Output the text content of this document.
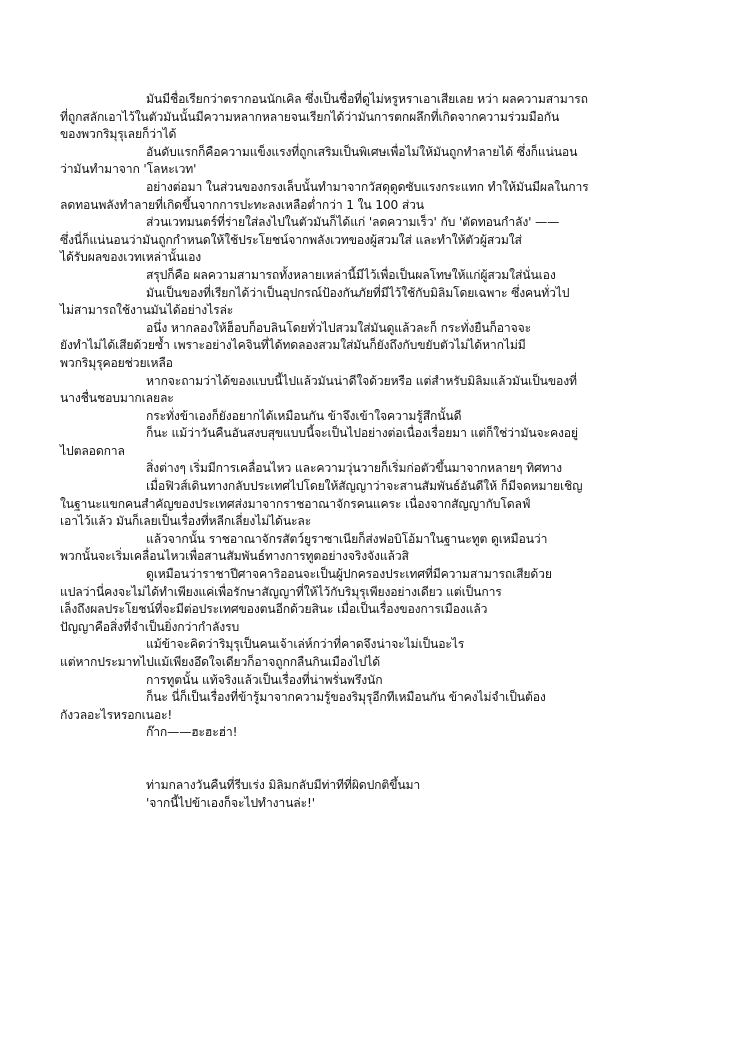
มันมีชื่อเรียกว่าตรากอนนักเคิล ซึ่งเป็นชื่อที่ดูไม่หรูหราเอาเสียเลย หว่า ผลความสามารถ
ที่ถูกสลักเอาไว้ในตัวมันนั้นมีความหลากหลายจนเรียกได้ว่ามันการตกผลึกที่เกิดจากความร่วมมือกัน
ของพวกริมุรุเลยก็ว่าได้

อันดับแรกก็คือความแข็งแรงที่ถูกเสริมเป็นพิเศษเพื่อไม่ให้มันถูกทำลายได้ ซึ่งก็แน่นอน
ว่ามันทำมาจาก 'โลหะเวท'

อย่างต่อมา ในส่วนของกรงเล็บนั้นทำมาจากวัสดุดูดซับแรงกระแทก ทำให้มันมีผลในการ
ลดทอนพลังทำลายที่เกิดขึ้นจากการปะทะลงเหลือต่ำกว่า 1 ใน 100 ส่วน

ส่วนเวทมนตร์ที่ร่ายใส่ลงไปในตัวมันก็ได้แก่ 'ลดความเร็ว' กับ 'ตัดทอนกำลัง' ——
ซึ่งนี่ก็แน่นอนว่ามันถูกกำหนดให้ใช้ประโยชน์จากพลังเวทของผู้สวมใส่ และทำให้ตัวผู้สวมใส่
ได้รับผลของเวทเหล่านั้นเอง

สรุปก็คือ ผลความสามารถทั้งหลายเหล่านี้มีไว้เพื่อเป็นผลโทษให้แก่ผู้สวมใส่นั่นเอง

มันเป็นของที่เรียกได้ว่าเป็นอุปกรณ์ป้องกันภัยที่มีไว้ใช้กับมิลิมโดยเฉพาะ ซึ่งคนทั่วไป
ไม่สามารถใช้งานมันได้อย่างไรล่ะ

อนึ่ง หากลองให้ฮ็อบก็อบลินโดยทั่วไปสวมใส่มันดูแล้วละก็ กระทั่งยืนก็อาจจะ
ยังทำไม่ได้เสียด้วยซ้ำ เพราะอย่างไคจินที่ได้ทดลองสวมใส่มันก็ยังถึงกับขยับตัวไม่ได้หากไม่มี
พวกริมุรุคอยช่วยเหลือ

หากจะถามว่าได้ของแบบนี้ไปแล้วมันน่าดีใจด้วยหรือ แต่สำหรับมิลิมแล้วมันเป็นของที่
นางชื่นชอบมากเลยละ

กระทั่งข้าเองก็ยังอยากได้เหมือนกัน ข้าจึงเข้าใจความรู้สึกนั้นดี

ก็นะ แม้ว่าวันคืนอันสงบสุขแบบนี้จะเป็นไปอย่างต่อเนื่องเรื่อยมา แต่ก็ใช่ว่ามันจะคงอยู่
ไปตลอดกาล

สิ่งต่างๆ เริ่มมีการเคลื่อนไหว และความวุ่นวายก็เริ่มก่อตัวขึ้นมาจากหลายๆ ทิศทาง

เมื่อฟิวส์เดินทางกลับประเทศไปโดยให้สัญญาว่าจะสานสัมพันธ์อันดีให้ ก็มีจดหมายเชิญ
ในฐานะแขกคนสำคัญของประเทศส่งมาจากราชอาณาจักรคนแคระ เนื่องจากสัญญากับโดลฟ์
เอาไว้แล้ว มันก็เลยเป็นเรื่องที่หลีกเลี่ยงไม่ได้นะละ

แล้วจากนั้น ราชอาณาจักรสัตว์ยูราซาเนียก็ส่งฟอบิโอ้มาในฐานะทูต ดูเหมือนว่า
พวกนั้นจะเริ่มเคลื่อนไหวเพื่อสานสัมพันธ์ทางการทูตอย่างจริงจังแล้วสิ

ดูเหมือนว่าราชาปีศาจคาริออนจะเป็นผู้ปกครองประเทศที่มีความสามารถเสียด้วย
แปลว่านี่คงจะไม่ได้ทำเพียงแค่เพื่อรักษาสัญญาที่ให้ไว้กับริมุรุเพียงอย่างเดียว แต่เป็นการ
เล็งถึงผลประโยชน์ที่จะมีต่อประเทศของตนอีกด้วยสินะ เมื่อเป็นเรื่องของการเมืองแล้ว
ปัญญาคือสิ่งที่จำเป็นยิ่งกว่ากำลังรบ

แม้ข้าจะคิดว่าริมุรุเป็นคนเจ้าเล่ห์กว่าที่คาดจึงน่าจะไม่เป็นอะไร
แต่หากประมาทไปแม้เพียงอึดใจเดียวก็อาจถูกกลืนกินเมืองไปได้

การทูตนั้น แท้จริงแล้วเป็นเรื่องที่น่าพรั่นพรึงนัก

ก็นะ นี่ก็เป็นเรื่องที่ข้ารู้มาจากความรู้ของริมุรุอีกทีเหมือนกัน ข้าคงไม่จำเป็นต้อง
กังวลอะไรหรอกเนอะ!

ก๊าก——ฮะฮะฮ่า!

ท่ามกลางวันคืนที่รีบเร่ง มิลิมกลับมีท่าทีที่ผิดปกติขึ้นมา

'จากนี้ไปข้าเองก็จะไปทำงานล่ะ!'
